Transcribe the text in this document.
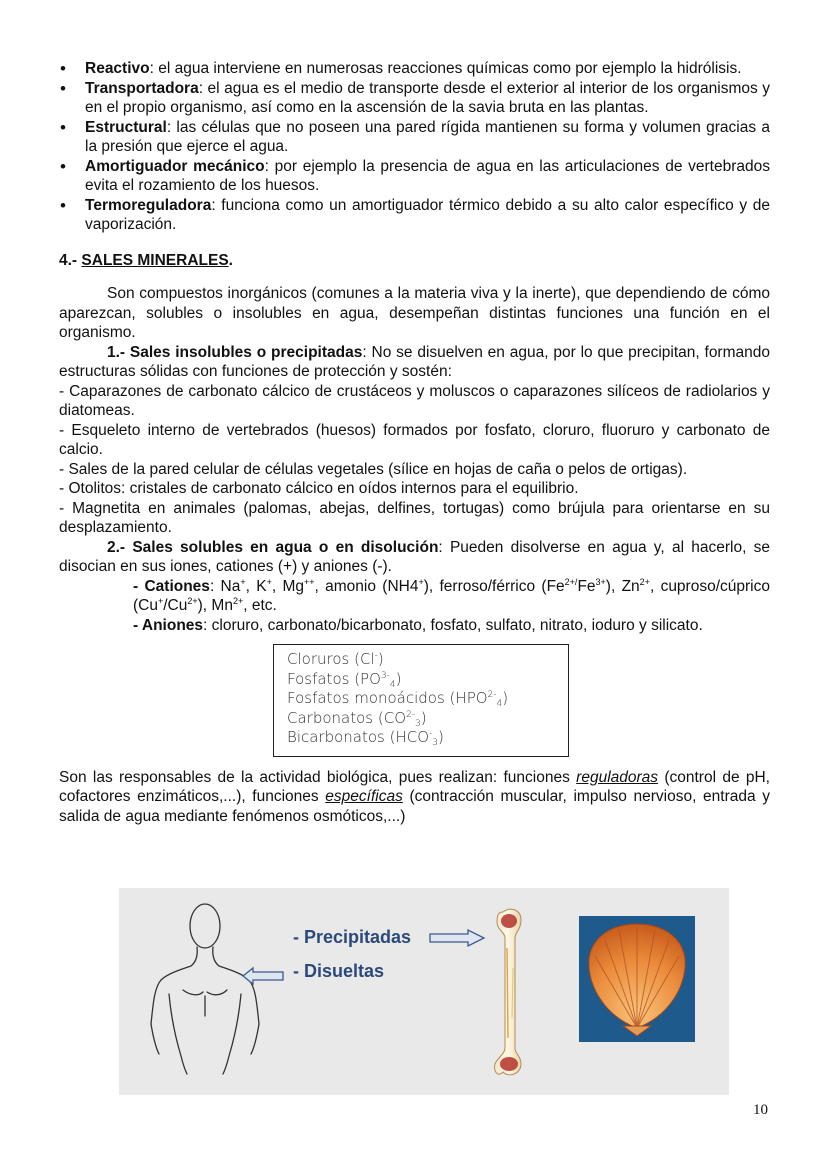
• Reactivo: el agua interviene en numerosas reacciones químicas como por ejemplo la hidrólisis.
• Transportadora: el agua es el medio de transporte desde el exterior al interior de los organismos y en el propio organismo, así como en la ascensión de la savia bruta en las plantas.
• Estructural: las células que no poseen una pared rígida mantienen su forma y volumen gracias a la presión que ejerce el agua.
• Amortiguador mecánico: por ejemplo la presencia de agua en las articulaciones de vertebrados evita el rozamiento de los huesos.
• Termoreguladora: funciona como un amortiguador térmico debido a su alto calor específico y de vaporización.

4.- SALES MINERALES.

Son compuestos inorgánicos (comunes a la materia viva y la inerte), que dependiendo de cómo aparezcan, solubles o insolubles en agua, desempeñan distintas funciones una función en el organismo.

1.- Sales insolubles o precipitadas: No se disuelven en agua, por lo que precipitan, formando estructuras sólidas con funciones de protección y sostén:

- Caparazones de carbonato cálcico de crustáceos y moluscos o caparazones silíceos de radiolarios y diatomeas.

- Esqueleto interno de vertebrados (huesos) formados por fosfato, cloruro, fluoruro y carbonato de calcio.

- Sales de la pared celular de células vegetales (sílice en hojas de caña o pelos de ortigas).

- Otolitos: cristales de carbonato cálcico en oídos internos para el equilibrio.

- Magnetita en animales (palomas, abejas, delfines, tortugas) como brújula para orientarse en su desplazamiento.

2.- Sales solubles en agua o en disolución: Pueden disolverse en agua y, al hacerlo, se disocian en sus iones, cationes (+) y aniones (-).

- Cationes: Na+, K+, Mg++, amonio (NH4+), ferroso/férrico $(Fe^{2+/}Fe^{3+})$, $Zn^{2+}$, cuproso/cúprico $(Cu^+/Cu^{2+})$, $Mn^{2+}$, etc.

- Aniones: cloruro, carbonato/bicarbonato, fosfato, sulfato, nitrato, ioduro y silicato.

Cloruros (Cl-)
Fosfatos $(PO^{3-}_4)$
Fosfatos monoácidos $(HPO^{2-}_4)$
Carbonatos $(CO^{2-}_3)$
Bicarbonatos $(HCO^-_3)$

Son las responsables de la actividad biológica, pues realizan: funciones reguladoras (control de pH, cofactores enzimáticos,...), funciones específicas (contracción muscular, impulso nervioso, entrada y salida de agua mediante fenómenos osmóticos,...)

- Precipitadas
- Disueltas
10
